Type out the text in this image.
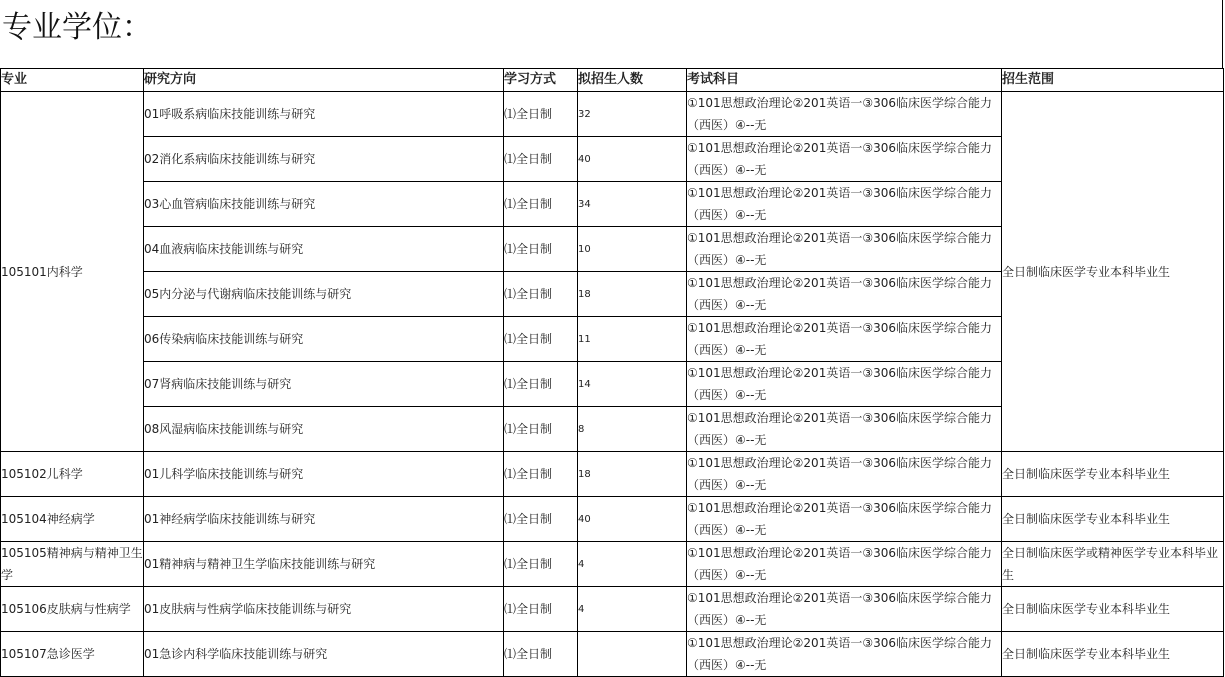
专业学位：
专业	研究方向	学习方式	拟招生人数	考试科目	招生范围
105101内科学	01呼吸系病临床技能训练与研究	⑴全日制	32	①101思想政治理论②201英语一③306临床医学综合能力（西医）④--无	全日制临床医学专业本科毕业生
	02消化系病临床技能训练与研究	⑴全日制	40	①101思想政治理论②201英语一③306临床医学综合能力（西医）④--无	
	03心血管病临床技能训练与研究	⑴全日制	34	①101思想政治理论②201英语一③306临床医学综合能力（西医）④--无	
	04血液病临床技能训练与研究	⑴全日制	10	①101思想政治理论②201英语一③306临床医学综合能力（西医）④--无	
	05内分泌与代谢病临床技能训练与研究	⑴全日制	18	①101思想政治理论②201英语一③306临床医学综合能力（西医）④--无	
	06传染病临床技能训练与研究	⑴全日制	11	①101思想政治理论②201英语一③306临床医学综合能力（西医）④--无	
	07肾病临床技能训练与研究	⑴全日制	14	①101思想政治理论②201英语一③306临床医学综合能力（西医）④--无	
	08风湿病临床技能训练与研究	⑴全日制	8	①101思想政治理论②201英语一③306临床医学综合能力（西医）④--无	
105102儿科学	01儿科学临床技能训练与研究	⑴全日制	18	①101思想政治理论②201英语一③306临床医学综合能力（西医）④--无	全日制临床医学专业本科毕业生
105104神经病学	01神经病学临床技能训练与研究	⑴全日制	40	①101思想政治理论②201英语一③306临床医学综合能力（西医）④--无	全日制临床医学专业本科毕业生
105105精神病与精神卫生学	01精神病与精神卫生学临床技能训练与研究	⑴全日制	4	①101思想政治理论②201英语一③306临床医学综合能力（西医）④--无	全日制临床医学或精神医学专业本科毕业生
105106皮肤病与性病学	01皮肤病与性病学临床技能训练与研究	⑴全日制	4	①101思想政治理论②201英语一③306临床医学综合能力（西医）④--无	全日制临床医学专业本科毕业生
105107急诊医学	01急诊内科学临床技能训练与研究	⑴全日制		①101思想政治理论②201英语一③306临床医学综合能力（西医）④--无	全日制临床医学专业本科毕业生
